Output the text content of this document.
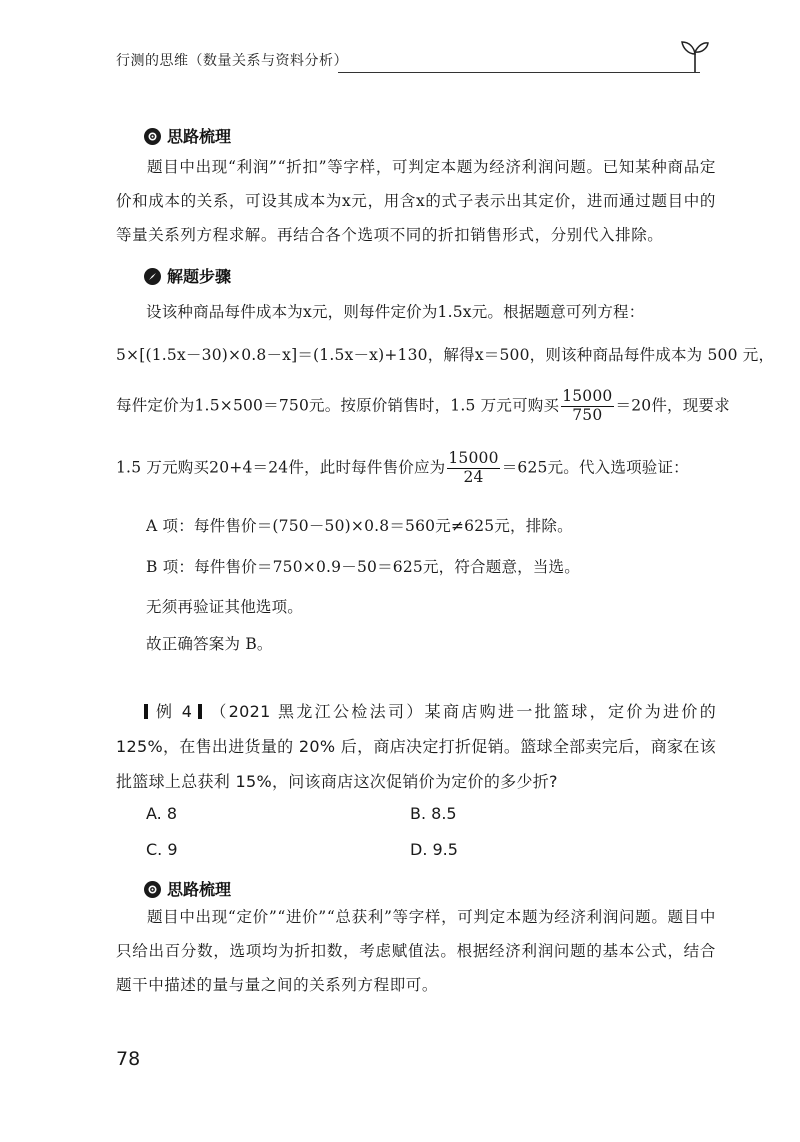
行测的思维（数量关系与资料分析）
思路梳理
题目中出现“利润”“折扣”等字样，可判定本题为经济利润问题。已知某种商品定价和成本的关系，可设其成本为x元，用含x的式子表示出其定价，进而通过题目中的等量关系列方程求解。再结合各个选项不同的折扣销售形式，分别代入排除。
解题步骤
设该种商品每件成本为x元，则每件定价为1.5x元。根据题意可列方程：
5×[(1.5x－30)×0.8－x]＝(1.5x－x)+130，解得x＝500，则该种商品每件成本为 500 元，
每件定价为1.5×500＝750元。按原价销售时，1.5 万元可购买 $\frac{15000}{750} =20$件，现要求
1.5 万元购买20+4＝24件，此时每件售价应为 $\frac{15000}{24} =625$元。代入选项验证：
A 项：每件售价＝(750－50)×0.8＝560元≠625元，排除。
B 项：每件售价＝750×0.9－50＝625元，符合题意，当选。
无须再验证其他选项。
故正确答案为 B。
例 4 （2021 黑龙江公检法司）某商店购进一批篮球，定价为进价的125%，在售出进货量的 20% 后，商店决定打折促销。篮球全部卖完后，商家在该批篮球上总获利 15%，问该商店这次促销价为定价的多少折?
A. 8	B. 8.5
C. 9	D. 9.5
思路梳理
题目中出现“定价”“进价”“总获利”等字样，可判定本题为经济利润问题。题目中只给出百分数，选项均为折扣数，考虑赋值法。根据经济利润问题的基本公式，结合题干中描述的量与量之间的关系列方程即可。
78
